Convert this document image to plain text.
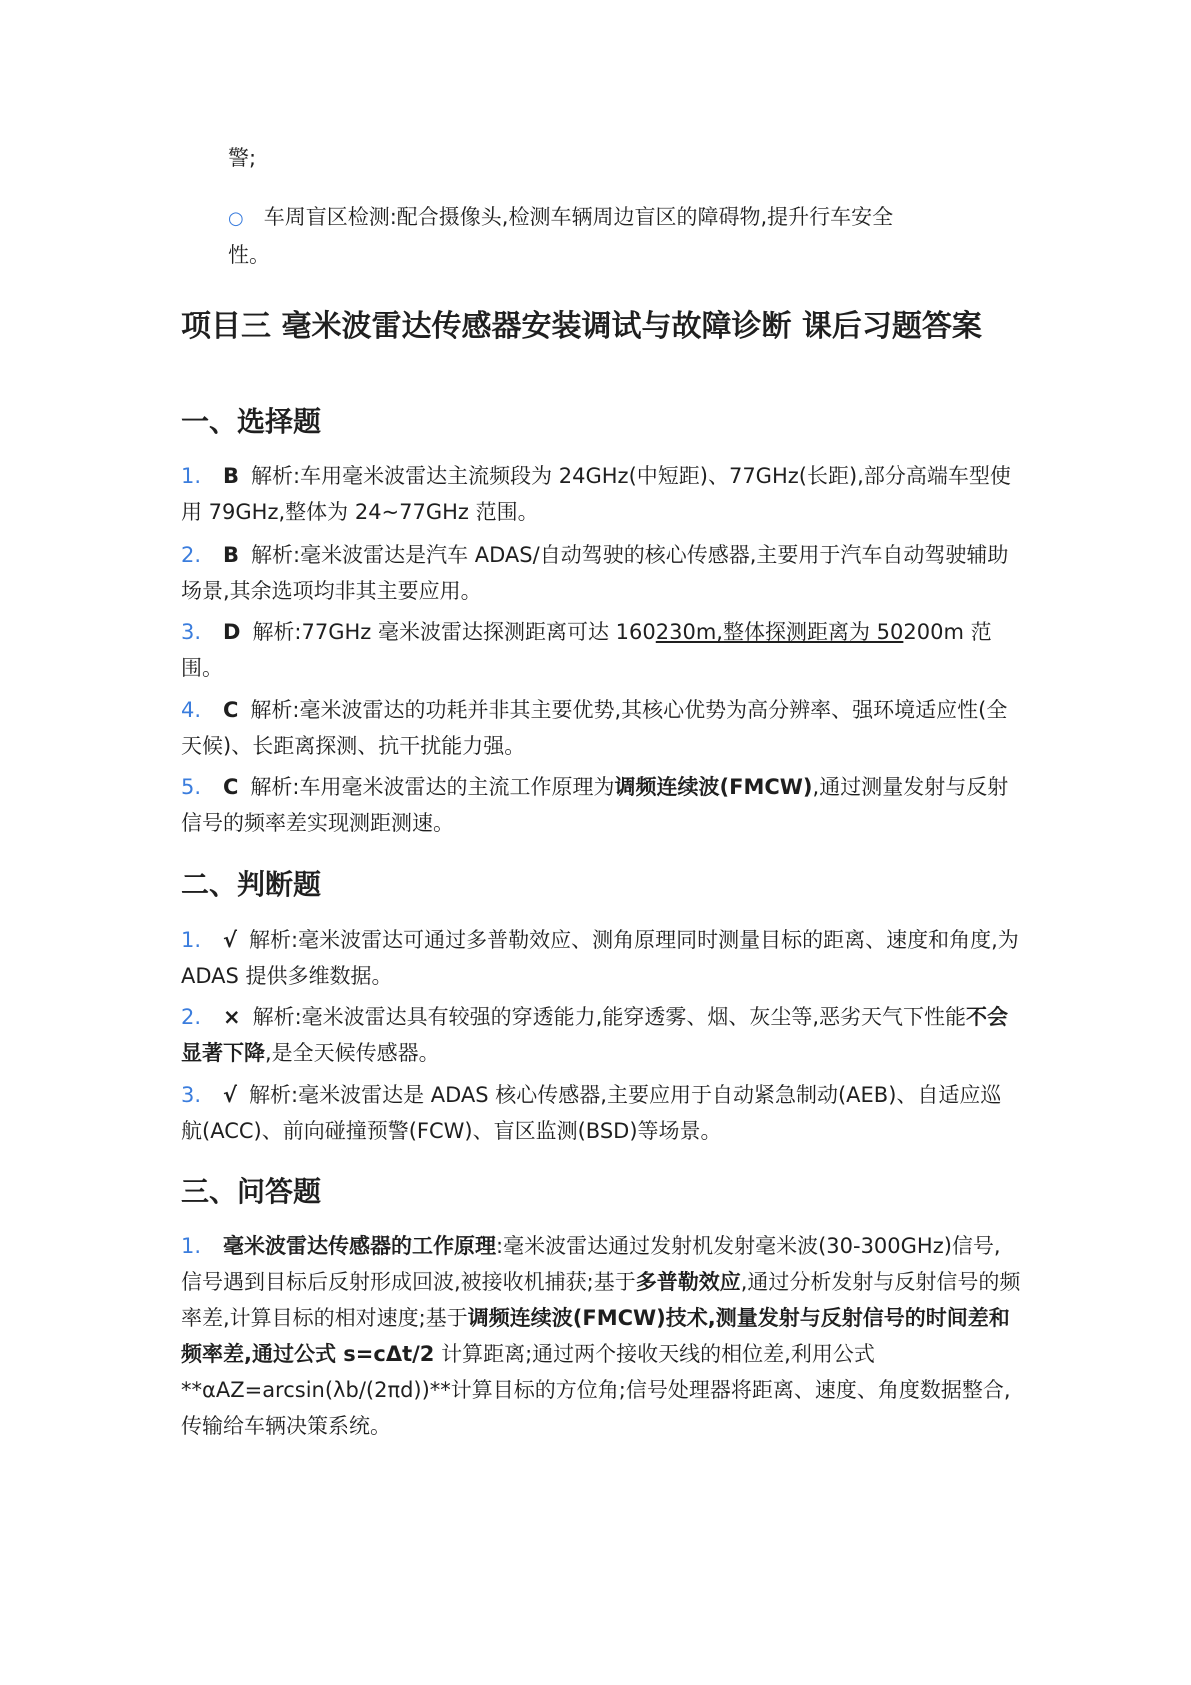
警;

○ 车周盲区检测:配合摄像头,检测车辆周边盲区的障碍物,提升行车安全
性。

项目三 毫米波雷达传感器安装调试与故障诊断 课后习题答案
一、选择题

1. B 解析:车用毫米波雷达主流频段为 24GHz(中短距)、77GHz(长距),部分高端车型使用 79GHz,整体为 24~77GHz 范围。

2. B 解析:毫米波雷达是汽车 ADAS/自动驾驶的核心传感器,主要用于汽车自动驾驶辅助场景,其余选项均非其主要应用。

3. D 解析:77GHz 毫米波雷达探测距离可达 160230m,整体探测距离为 50200m 范围。

4. C 解析:毫米波雷达的功耗并非其主要优势,其核心优势为高分辨率、强环境适应性(全天候)、长距离探测、抗干扰能力强。

5. C 解析:车用毫米波雷达的主流工作原理为调频连续波(FMCW),通过测量发射与反射信号的频率差实现测距测速。

二、判断题

1. √ 解析:毫米波雷达可通过多普勒效应、测角原理同时测量目标的距离、速度和角度,为 ADAS 提供多维数据。

2. × 解析:毫米波雷达具有较强的穿透能力,能穿透雾、烟、灰尘等,恶劣天气下性能不会显著下降,是全天候传感器。

3. √ 解析:毫米波雷达是 ADAS 核心传感器,主要应用于自动紧急制动(AEB)、自适应巡航(ACC)、前向碰撞预警(FCW)、盲区监测(BSD)等场景。

三、问答题

1. 毫米波雷达传感器的工作原理:毫米波雷达通过发射机发射毫米波(30-300GHz)信号,信号遇到目标后反射形成回波,被接收机捕获;基于多普勒效应,通过分析发射与反射信号的频率差,计算目标的相对速度;基于调频连续波(FMCW)技术,测量发射与反射信号的时间差和频率差,通过公式 s=cΔt/2 计算距离;通过两个接收天线的相位差,利用公式**αAZ=arcsin(λb/(2πd))**计算目标的方位角;信号处理器将距离、速度、角度数据整合,传输给车辆决策系统。
